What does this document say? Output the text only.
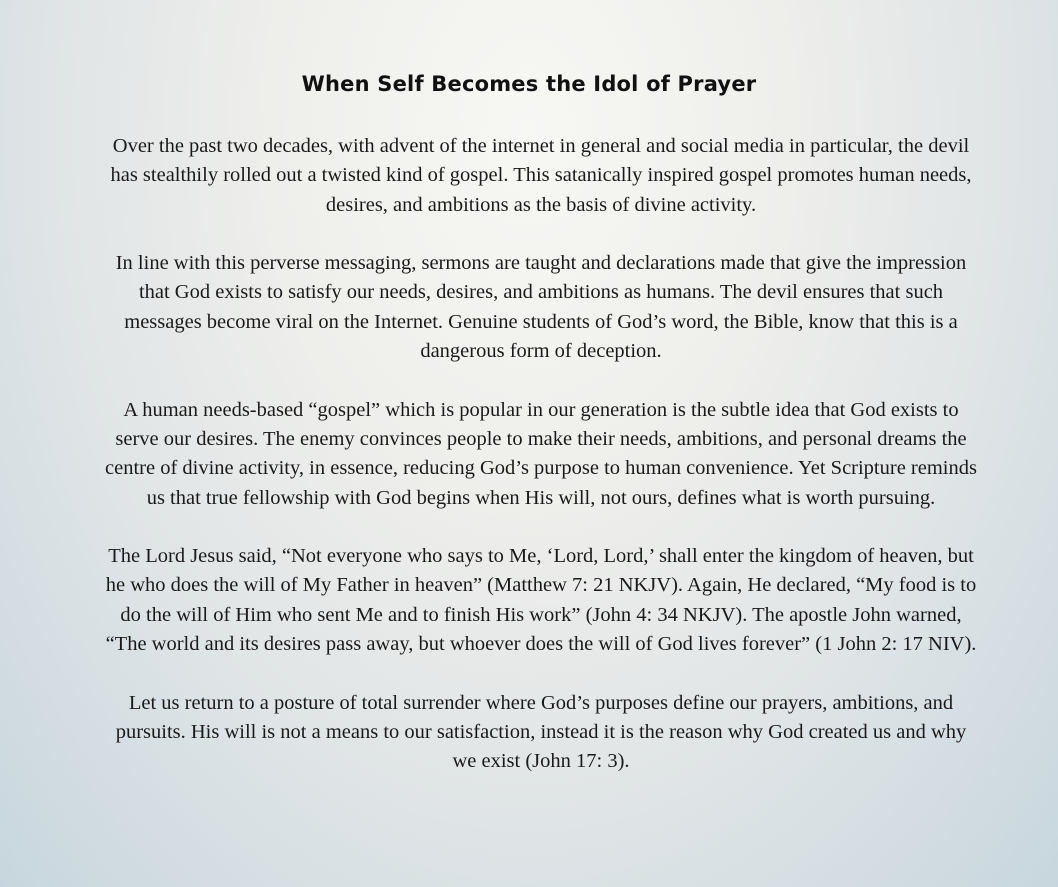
When Self Becomes the Idol of Prayer

Over the past two decades, with advent of the internet in general and social media in particular, the devil has stealthily rolled out a twisted kind of gospel. This satanically inspired gospel promotes human needs, desires, and ambitions as the basis of divine activity.

In line with this perverse messaging, sermons are taught and declarations made that give the impression that God exists to satisfy our needs, desires, and ambitions as humans. The devil ensures that such messages become viral on the Internet. Genuine students of God’s word, the Bible, know that this is a dangerous form of deception.

A human needs-based “gospel” which is popular in our generation is the subtle idea that God exists to serve our desires. The enemy convinces people to make their needs, ambitions, and personal dreams the centre of divine activity, in essence, reducing God’s purpose to human convenience. Yet Scripture reminds us that true fellowship with God begins when His will, not ours, defines what is worth pursuing.

The Lord Jesus said, “Not everyone who says to Me, ‘Lord, Lord,’ shall enter the kingdom of heaven, but he who does the will of My Father in heaven” (Matthew 7: 21 NKJV). Again, He declared, “My food is to do the will of Him who sent Me and to finish His work” (John 4: 34 NKJV). The apostle John warned, “The world and its desires pass away, but whoever does the will of God lives forever” (1 John 2: 17 NIV).

Let us return to a posture of total surrender where God’s purposes define our prayers, ambitions, and pursuits. His will is not a means to our satisfaction, instead it is the reason why God created us and why we exist (John 17: 3).
